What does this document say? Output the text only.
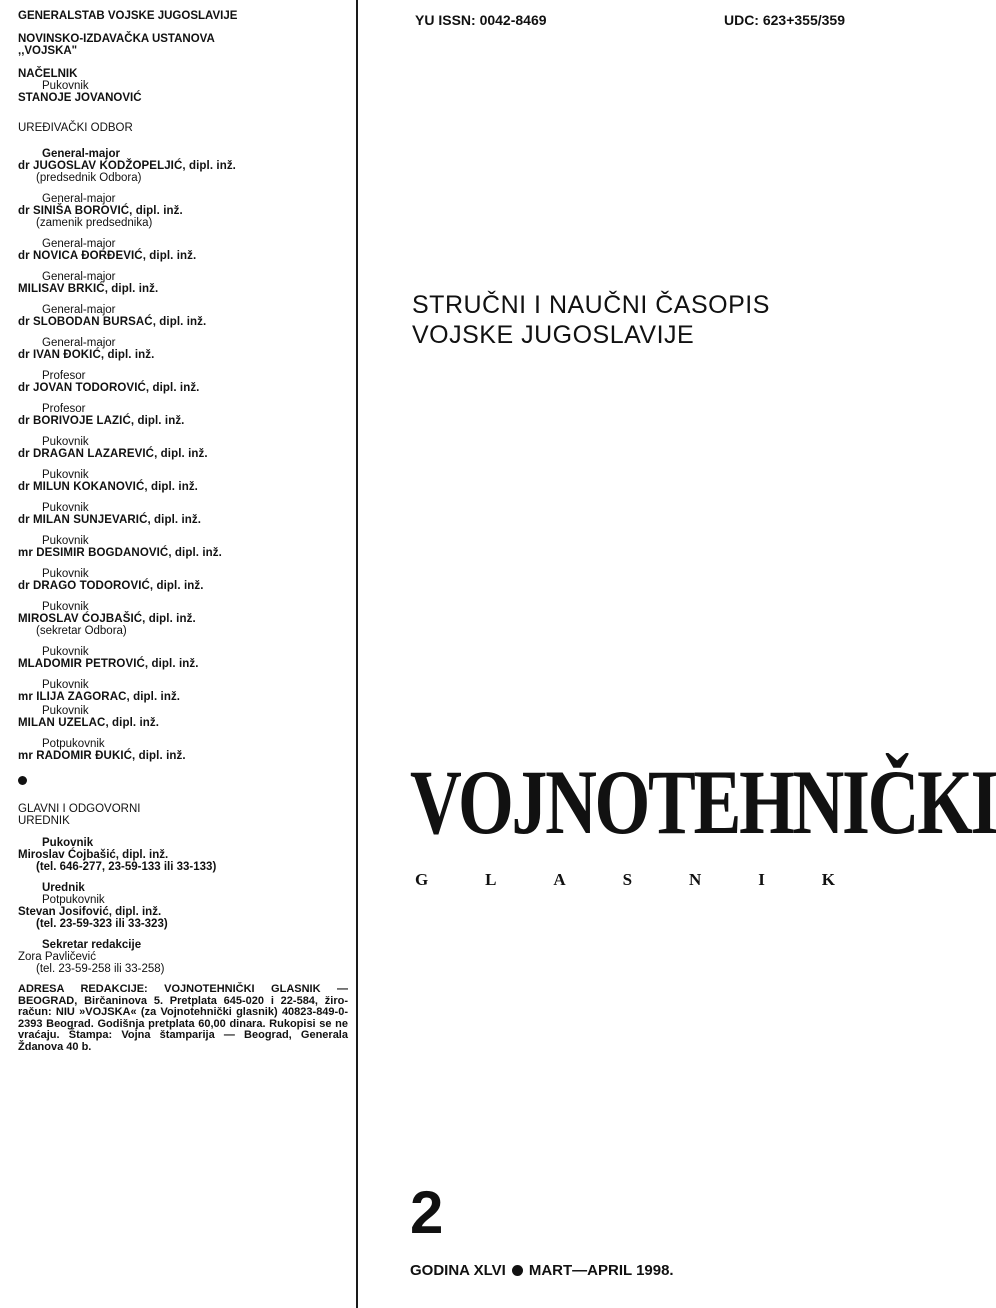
GENERALSTAB VOJSKE JUGOSLAVIJE
NOVINSKO-IZDAVAČKA USTANOVA
,,VOJSKA"
NAČELNIK
Pukovnik
STANOJE JOVANOVIĆ
UREĐIVAČKI ODBOR
General-major
dr JUGOSLAV KODŽOPELJIĆ, dipl. inž.
(predsednik Odbora)
General-major
dr SINIŠA BOROVIĆ, dipl. inž.
(zamenik predsednika)
General-major
dr NOVICA ĐORĐEVIĆ, dipl. inž.
General-major
MILISAV BRKIĆ, dipl. inž.
General-major
dr SLOBODAN BURSAĆ, dipl. inž.
General-major
dr IVAN ĐOKIĆ, dipl. inž.
Profesor
dr JOVAN TODOROVIĆ, dipl. inž.
Profesor
dr BORIVOJE LAZIĆ, dipl. inž.
Pukovnik
dr DRAGAN LAZAREVIĆ, dipl. inž.
Pukovnik
dr MILUN KOKANOVIĆ, dipl. inž.
Pukovnik
dr MILAN SUNJEVARIĆ, dipl. inž.
Pukovnik
mr DESIMIR BOGDANOVIĆ, dipl. inž.
Pukovnik
dr DRAGO TODOROVIĆ, dipl. inž.
Pukovnik
MIROSLAV ĆOJBAŠIĆ, dipl. inž.
(sekretar Odbora)
Pukovnik
MLADOMIR PETROVIĆ, dipl. inž.
Pukovnik
mr ILIJA ZAGORAC, dipl. inž.
Pukovnik
MILAN UZELAC, dipl. inž.
Potpukovnik
mr RADOMIR ĐUKIĆ, dipl. inž.
GLAVNI I ODGOVORNI
UREDNIK
Pukovnik
Miroslav Ćojbašić, dipl. inž.
(tel. 646-277, 23-59-133 ili 33-133)
Urednik
Potpukovnik
Stevan Josifović, dipl. inž.
(tel. 23-59-323 ili 33-323)
Sekretar redakcije
Zora Pavličević
(tel. 23-59-258 ili 33-258)
ADRESA REDAKCIJE: VOJNOTEHNIČKI GLASNIK — BEOGRAD, Birčaninova 5. Pretplata 645-020 i 22-584, žiro-račun: NIU »VOJSKA« (za Vojnotehnički glasnik) 40823-849-0-2393 Beograd. Godišnja pretplata 60,00 dinara. Rukopisi se ne vraćaju. Štampa: Vojna štamparija — Beograd, Generala Ždanova 40 b.
YU ISSN: 0042-8469	UDC: 623+355/359
STRUČNI I NAUČNI ČASOPIS
VOJSKE JUGOSLAVIJE
VOJNOTEHNIČKI
G	L	A	S	N	I	K
2
GODINA XLVI MART—APRIL 1998.
